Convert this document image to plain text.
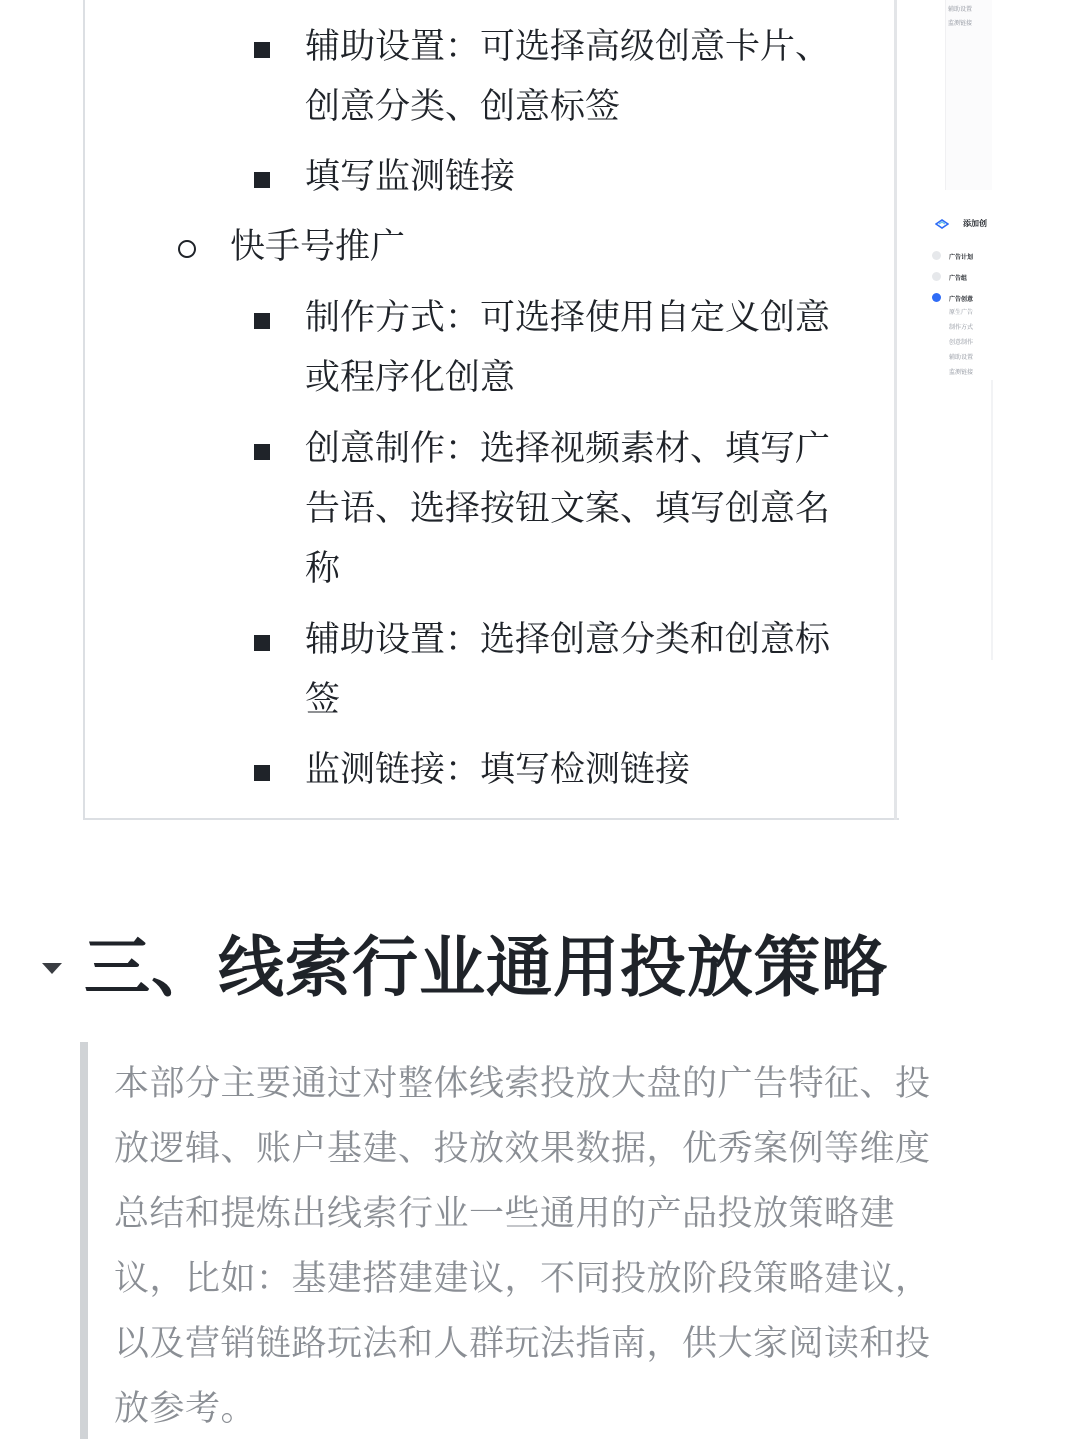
辅助设置：可选择高级创意卡片、
创意分类、创意标签
填写监测链接
快手号推广
制作方式：可选择使用自定义创意
或程序化创意
创意制作：选择视频素材、填写广
告语、选择按钮文案、填写创意名
称
辅助设置：选择创意分类和创意标
签
监测链接：填写检测链接
辅助设置
监测链接
添加创
广告计划
广告组
广告创意
原生广告
制作方式
创意制作
辅助设置
监测链接
三、线索行业通用投放策略
本部分主要通过对整体线索投放大盘的广告特征、投
放逻辑、账户基建、投放效果数据，优秀案例等维度
总结和提炼出线索行业一些通用的产品投放策略建
议，比如：基建搭建建议，不同投放阶段策略建议，
以及营销链路玩法和人群玩法指南，供大家阅读和投
放参考。
